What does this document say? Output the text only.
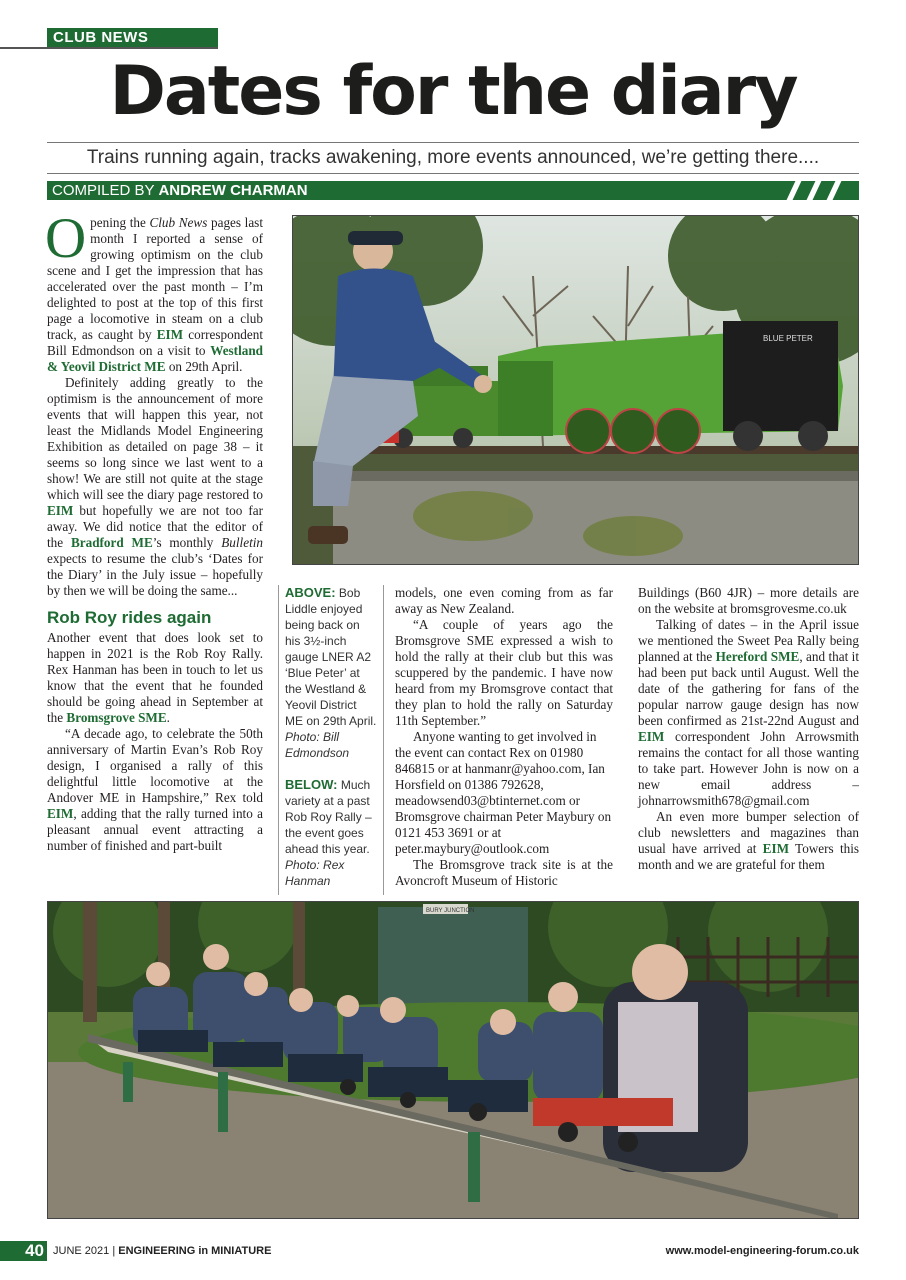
CLUB NEWS
Dates for the diary
Trains running again, tracks awakening, more events announced, we’re getting there....
COMPILED BY ANDREW CHARMAN

Opening the Club News pages last month I reported a sense of growing optimism on the club scene and I get the impression that has accelerated over the past month – I’m delighted to post at the top of this first page a locomotive in steam on a club track, as caught by EIM correspondent Bill Edmondson on a visit to Westland & Yeovil District ME on 29th April.

Definitely adding greatly to the optimism is the announcement of more events that will happen this year, not least the Midlands Model Engineering Exhibition as detailed on page 38 – it seems so long since we last went to a show! We are still not quite at the stage which will see the diary page restored to EIM but hopefully we are not too far away. We did notice that the editor of the Bradford ME’s monthly Bulletin expects to resume the club’s ‘Dates for the Diary’ in the July issue – hopefully by then we will be doing the same...

Rob Roy rides again

Another event that does look set to happen in 2021 is the Rob Roy Rally. Rex Hanman has been in touch to let us know that the event that he founded should be going ahead in September at the Bromsgrove SME.

“A decade ago, to celebrate the 50th anniversary of Martin Evan’s Rob Roy design, I organised a rally of this delightful little locomotive at the Andover ME in Hampshire,” Rex told EIM, adding that the rally turned into a pleasant annual event attracting a number of finished and part-built

ABOVE: Bob Liddle enjoyed being back on his 3½-inch gauge LNER A2 ‘Blue Peter’ at the Westland & Yeovil District ME on 29th April. Photo: Bill Edmondson

BELOW: Much variety at a past Rob Roy Rally – the event goes ahead this year. Photo: Rex Hanman

models, one even coming from as far away as New Zealand.

“A couple of years ago the Bromsgrove SME expressed a wish to hold the rally at their club but this was scuppered by the pandemic. I have now heard from my Bromsgrove contact that they plan to hold the rally on Saturday 11th September.”

Anyone wanting to get involved in the event can contact Rex on 01980 846815 or at hanmanr@yahoo.com, Ian Horsfield on 01386 792628, meadowsend03@btinternet.com or Bromsgrove chairman Peter Maybury on 0121 453 3691 or at peter.maybury@outlook.com

The Bromsgrove track site is at the Avoncroft Museum of Historic

Buildings (B60 4JR) – more details are on the website at bromsgrovesme.co.uk

Talking of dates – in the April issue we mentioned the Sweet Pea Rally being planned at the Hereford SME, and that it had been put back until August. Well the date of the gathering for fans of the popular narrow gauge design has now been confirmed as 21st-22nd August and EIM correspondent John Arrowsmith remains the contact for all those wanting to take part. However John is now on a new email address – johnarrowsmith678@gmail.com

An even more bumper selection of club newsletters and magazines than usual have arrived at EIM Towers this month and we are grateful for them

BLUE PETER
BURY JUNCTION
40 JUNE 2021 | ENGINEERING in MINIATURE	www.model-engineering-forum.co.uk
